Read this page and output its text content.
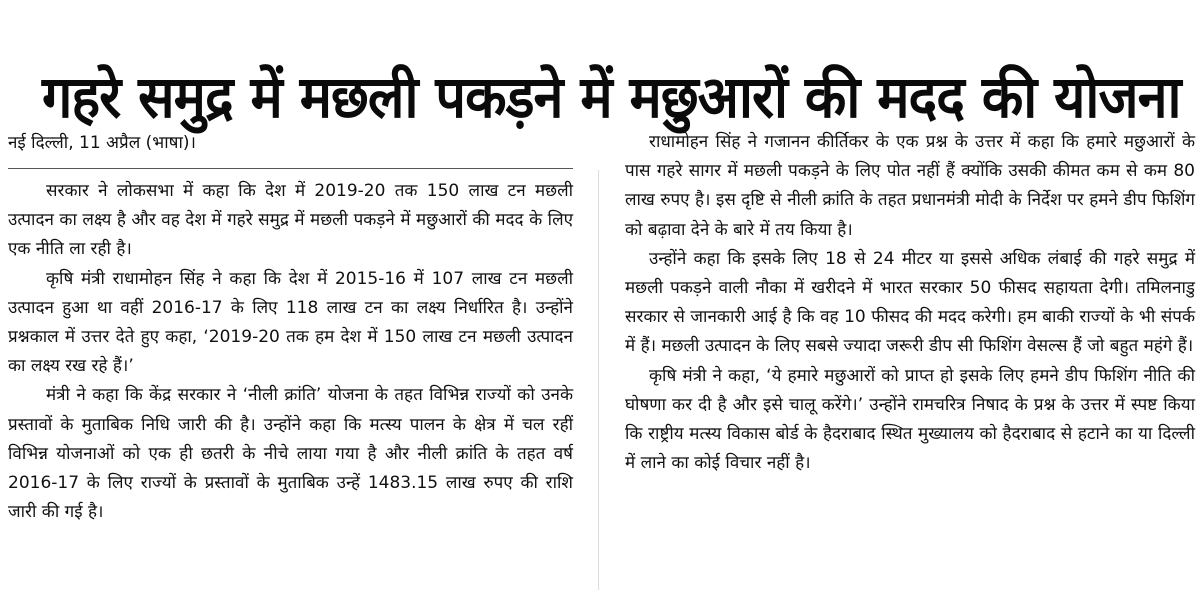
गहरे समुद्र में मछली पकड़ने में मछुआरों की मदद की योजना

नई दिल्ली, 11 अप्रैल (भाषा)।

सरकार ने लोकसभा में कहा कि देश में 2019-20 तक 150 लाख टन मछली उत्पादन का लक्ष्य है और वह देश में गहरे समुद्र में मछली पकड़ने में मछुआरों की मदद के लिए एक नीति ला रही है।

कृषि मंत्री राधामोहन सिंह ने कहा कि देश में 2015-16 में 107 लाख टन मछली उत्पादन हुआ था वहीं 2016-17 के लिए 118 लाख टन का लक्ष्य निर्धारित है। उन्होंने प्रश्नकाल में उत्तर देते हुए कहा, ‘2019-20 तक हम देश में 150 लाख टन मछली उत्पादन का लक्ष्य रख रहे हैं।’

मंत्री ने कहा कि केंद्र सरकार ने ‘नीली क्रांति’ योजना के तहत विभिन्न राज्यों को उनके प्रस्तावों के मुताबिक निधि जारी की है। उन्होंने कहा कि मत्स्य पालन के क्षेत्र में चल रहीं विभिन्न योजनाओं को एक ही छतरी के नीचे लाया गया है और नीली क्रांति के तहत वर्ष 2016-17 के लिए राज्यों के प्रस्तावों के मुताबिक उन्हें 1483.15 लाख रुपए की राशि जारी की गई है।

राधामोहन सिंह ने गजानन कीर्तिकर के एक प्रश्न के उत्तर में कहा कि हमारे मछुआरों के पास गहरे सागर में मछली पकड़ने के लिए पोत नहीं हैं क्योंकि उसकी कीमत कम से कम 80 लाख रुपए है। इस दृष्टि से नीली क्रांति के तहत प्रधानमंत्री मोदी के निर्देश पर हमने डीप फिशिंग को बढ़ावा देने के बारे में तय किया है।

उन्होंने कहा कि इसके लिए 18 से 24 मीटर या इससे अधिक लंबाई की गहरे समुद्र में मछली पकड़ने वाली नौका में खरीदने में भारत सरकार 50 फीसद सहायता देगी। तमिलनाडु सरकार से जानकारी आई है कि वह 10 फीसद की मदद करेगी। हम बाकी राज्यों के भी संपर्क में हैं। मछली उत्पादन के लिए सबसे ज्यादा जरूरी डीप सी फिशिंग वेसल्स हैं जो बहुत महंगे हैं।

कृषि मंत्री ने कहा, ‘ये हमारे मछुआरों को प्राप्त हो इसके लिए हमने डीप फिशिंग नीति की घोषणा कर दी है और इसे चालू करेंगे।’ उन्होंने रामचरित्र निषाद के प्रश्न के उत्तर में स्पष्ट किया कि राष्ट्रीय मत्स्य विकास बोर्ड के हैदराबाद स्थित मुख्यालय को हैदराबाद से हटाने का या दिल्ली में लाने का कोई विचार नहीं है।
